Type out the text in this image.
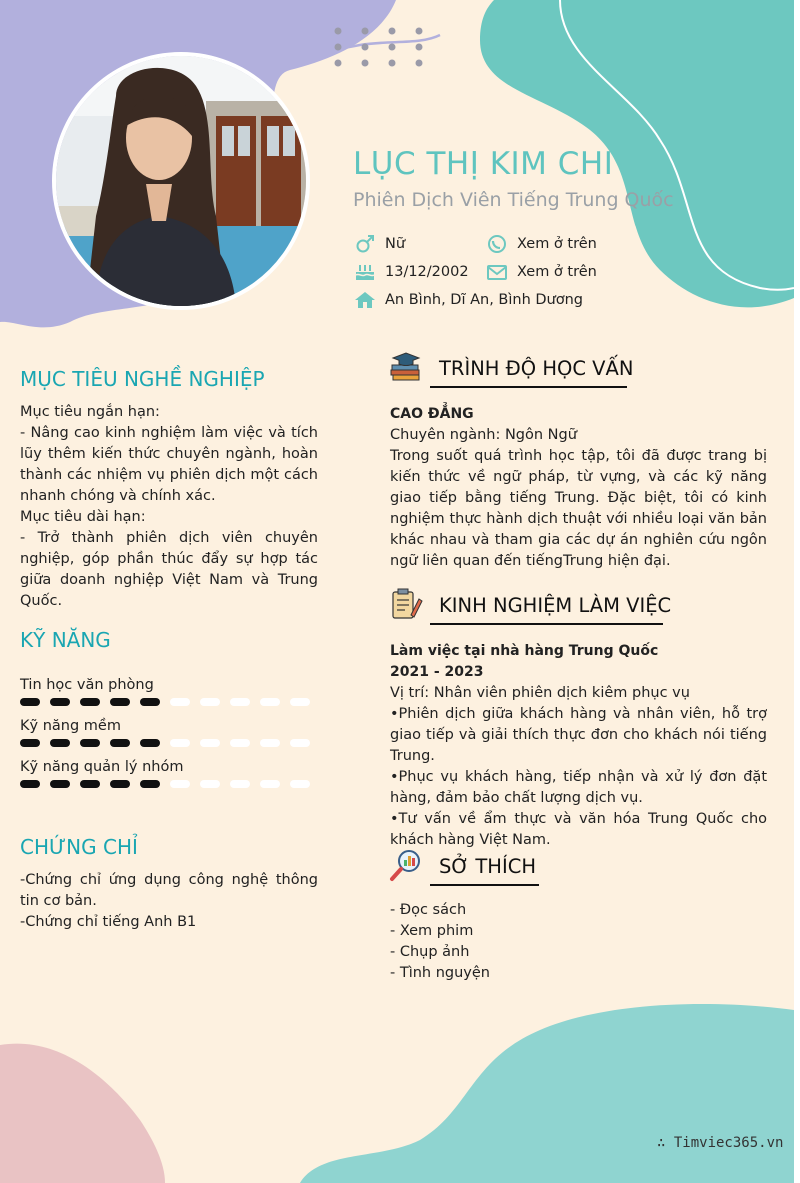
LỤC THỊ KIM CHI
Phiên Dịch Viên Tiếng Trung Quốc
Nữ	Xem ở trên
13/12/2002	Xem ở trên
An Bình, Dĩ An, Bình Dương
MỤC TIÊU NGHỀ NGHIỆP

Mục tiêu ngắn hạn:

- Nâng cao kinh nghiệm làm việc và tích lũy thêm kiến thức chuyên ngành, hoàn thành các nhiệm vụ phiên dịch một cách nhanh chóng và chính xác.

Mục tiêu dài hạn:

- Trở thành phiên dịch viên chuyên nghiệp, góp phần thúc đẩy sự hợp tác giữa doanh nghiệp Việt Nam và Trung Quốc.

KỸ NĂNG
Tin học văn phòng
Kỹ năng mềm
Kỹ năng quản lý nhóm
CHỨNG CHỈ

-Chứng chỉ ứng dụng công nghệ thông tin cơ bản.

-Chứng chỉ tiếng Anh B1

TRÌNH ĐỘ HỌC VẤN

CAO ĐẲNG

Chuyên ngành: Ngôn Ngữ

Trong suốt quá trình học tập, tôi đã được trang bị kiến thức về ngữ pháp, từ vựng, và các kỹ năng giao tiếp bằng tiếng Trung. Đặc biệt, tôi có kinh nghiệm thực hành dịch thuật với nhiều loại văn bản khác nhau và tham gia các dự án nghiên cứu ngôn ngữ liên quan đến tiếngTrung hiện đại.

KINH NGHIỆM LÀM VIỆC

Làm việc tại nhà hàng Trung Quốc

2021 - 2023

Vị trí: Nhân viên phiên dịch kiêm phục vụ

•Phiên dịch giữa khách hàng và nhân viên, hỗ trợ giao tiếp và giải thích thực đơn cho khách nói tiếng Trung.

•Phục vụ khách hàng, tiếp nhận và xử lý đơn đặt hàng, đảm bảo chất lượng dịch vụ.

•Tư vấn về ẩm thực và văn hóa Trung Quốc cho khách hàng Việt Nam.

SỞ THÍCH

- Đọc sách

- Xem phim

- Chụp ảnh

- Tình nguyện

∴ Timviec365.vn
